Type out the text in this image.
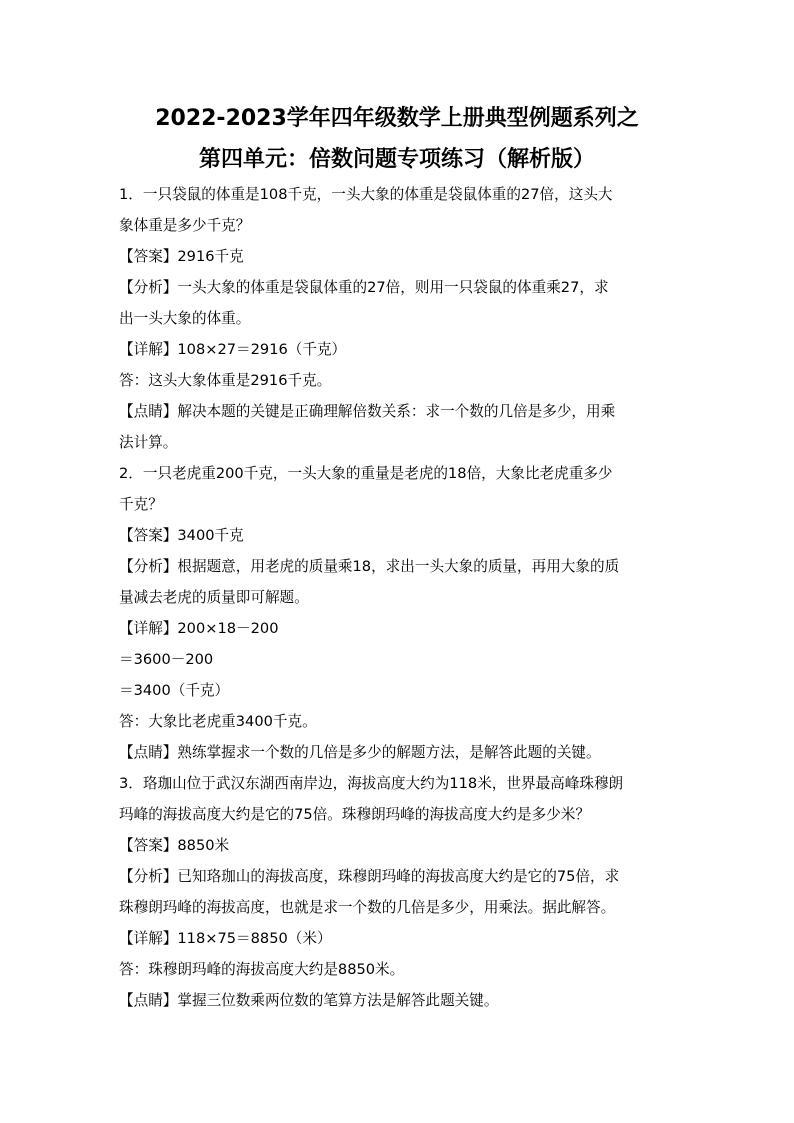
2022-2023学年四年级数学上册典型例题系列之
第四单元：倍数问题专项练习（解析版）
1．一只袋鼠的体重是108千克，一头大象的体重是袋鼠体重的27倍，这头大
象体重是多少千克？
【答案】2916千克
【分析】一头大象的体重是袋鼠体重的27倍，则用一只袋鼠的体重乘27，求
出一头大象的体重。
【详解】108×27＝2916（千克）
答：这头大象体重是2916千克。
【点睛】解决本题的关键是正确理解倍数关系：求一个数的几倍是多少，用乘
法计算。
2．一只老虎重200千克，一头大象的重量是老虎的18倍，大象比老虎重多少
千克？
【答案】3400千克
【分析】根据题意，用老虎的质量乘18，求出一头大象的质量，再用大象的质
量减去老虎的质量即可解题。
【详解】200×18－200
＝3600－200
＝3400（千克）
答：大象比老虎重3400千克。
【点睛】熟练掌握求一个数的几倍是多少的解题方法，是解答此题的关键。
3．珞珈山位于武汉东湖西南岸边，海拔高度大约为118米，世界最高峰珠穆朗
玛峰的海拔高度大约是它的75倍。珠穆朗玛峰的海拔高度大约是多少米？
【答案】8850米
【分析】已知珞珈山的海拔高度，珠穆朗玛峰的海拔高度大约是它的75倍，求
珠穆朗玛峰的海拔高度，也就是求一个数的几倍是多少，用乘法。据此解答。
【详解】118×75＝8850（米）
答：珠穆朗玛峰的海拔高度大约是8850米。
【点睛】掌握三位数乘两位数的笔算方法是解答此题关键。
